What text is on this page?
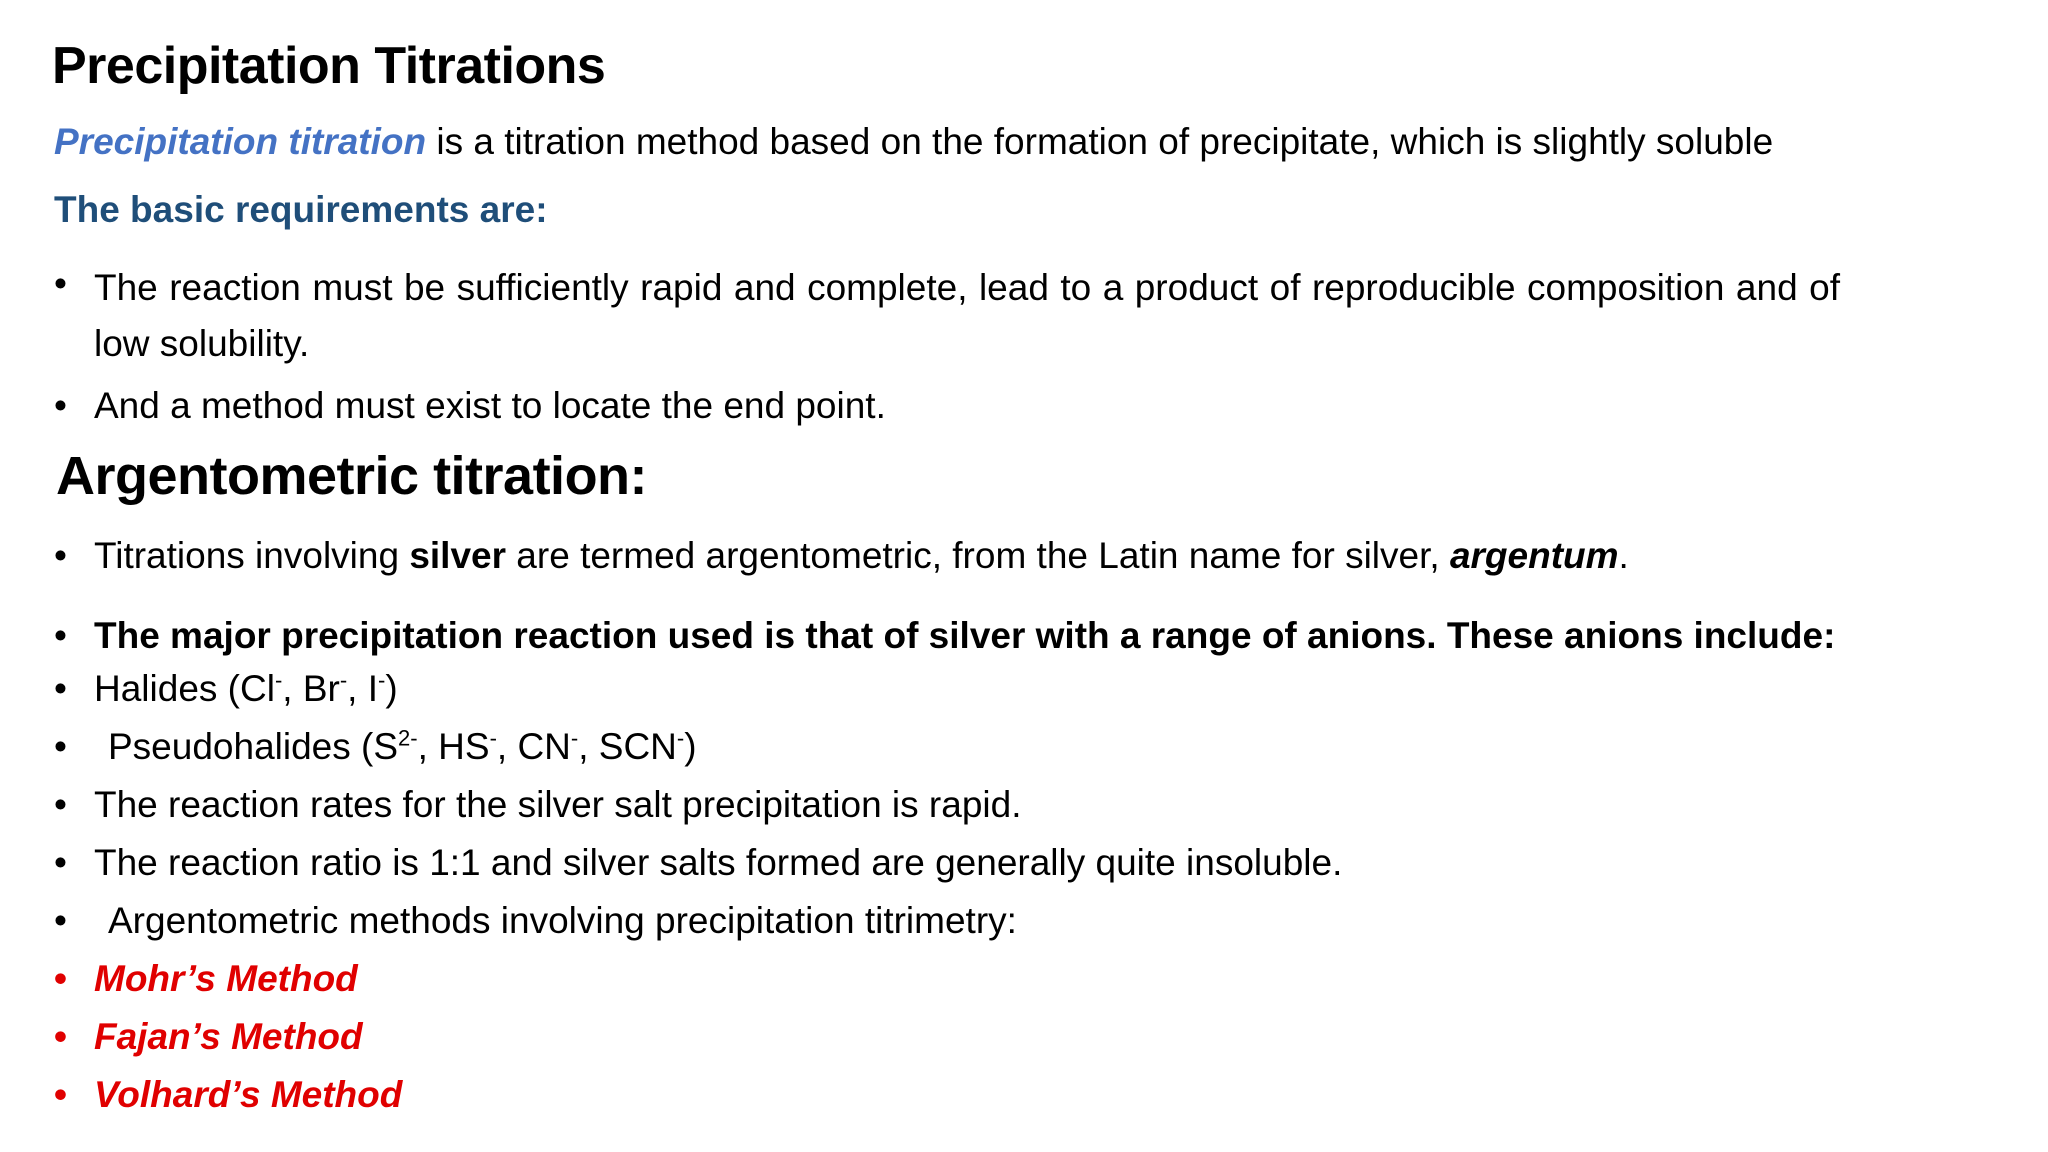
Precipitation Titrations

Precipitation titration is a titration method based on the formation of precipitate, which is slightly soluble

The basic requirements are:

• The reaction must be sufficiently rapid and complete, lead to a product of reproducible composition and of low solubility.
• And a method must exist to locate the end point.
Argentometric titration:
• Titrations involving silver are termed argentometric, from the Latin name for silver, argentum.
• The major precipitation reaction used is that of silver with a range of anions. These anions include:
• Halides (Cl-, Br-, I-)
•	Pseudohalides ($S^{2-}$, HS-, CN-, SCN-)
• The reaction rates for the silver salt precipitation is rapid.
• The reaction ratio is 1:1 and silver salts formed are generally quite insoluble.
•	Argentometric methods involving precipitation titrimetry:
• Mohr’s Method
• Fajan’s Method
• Volhard’s Method
